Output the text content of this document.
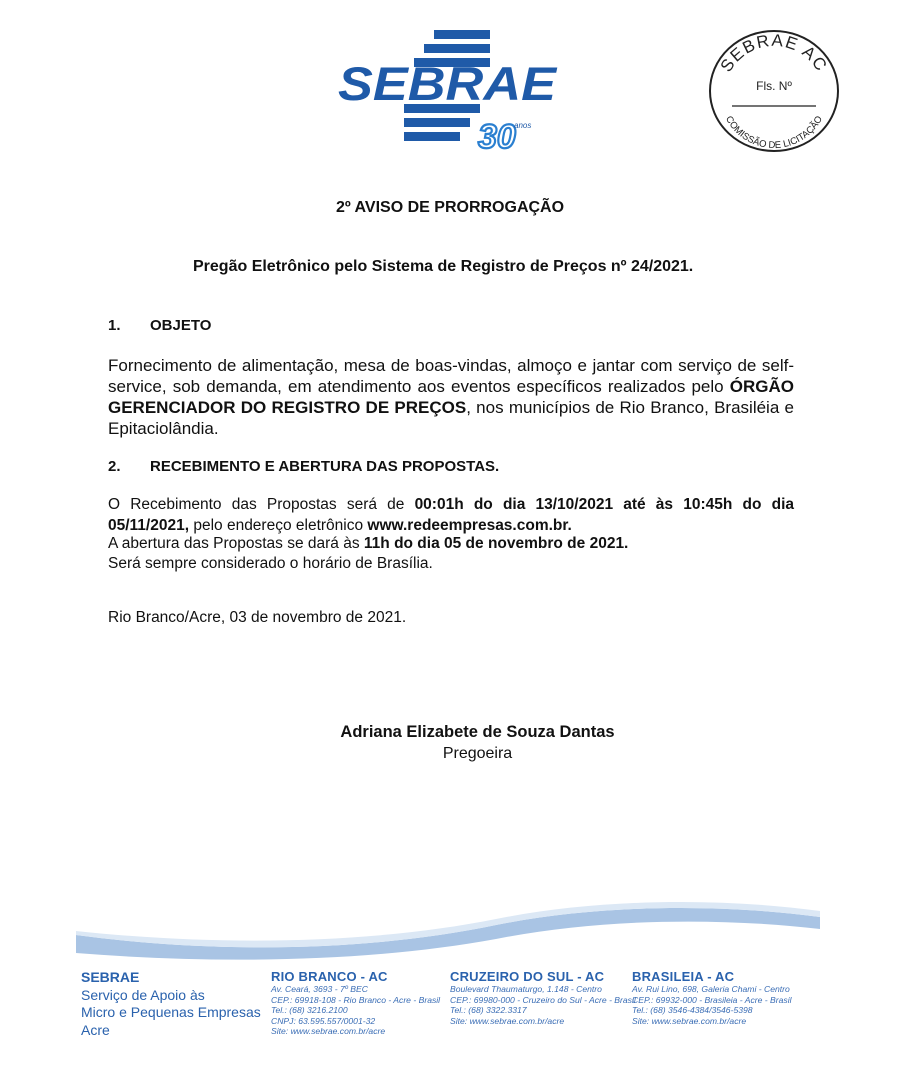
SEBRAE
30
anos
SEBRAE AC
Fls. Nº
COMISSÃO DE LICITAÇÃO
2º AVISO DE PRORROGAÇÃO
Pregão Eletrônico pelo Sistema de Registro de Preços nº 24/2021.
1. OBJETO
Fornecimento de alimentação, mesa de boas-vindas, almoço e jantar com serviço de self-service, sob demanda, em atendimento aos eventos específicos realizados pelo ÓRGÃO GERENCIADOR DO REGISTRO DE PREÇOS, nos municípios de Rio Branco, Brasiléia e Epitaciolândia.
2. RECEBIMENTO E ABERTURA DAS PROPOSTAS.
O Recebimento das Propostas será de 00:01h do dia 13/10/2021 até às 10:45h do dia 05/11/2021, pelo endereço eletrônico www.redeempresas.com.br.
A abertura das Propostas se dará às 11h do dia 05 de novembro de 2021.
Será sempre considerado o horário de Brasília.
Rio Branco/Acre, 03 de novembro de 2021.
Adriana Elizabete de Souza Dantas
Pregoeira
SEBRAE
Serviço de Apoio às
Micro e Pequenas Empresas
Acre
RIO BRANCO - AC
Av. Ceará, 3693 - 7º BEC
CEP.: 69918-108 - Rio Branco - Acre - Brasil
Tel.: (68) 3216.2100
CNPJ: 63.595.557/0001-32
Site: www.sebrae.com.br/acre
CRUZEIRO DO SUL - AC
Boulevard Thaumaturgo, 1.148 - Centro
CEP.: 69980-000 - Cruzeiro do Sul - Acre - Brasil
Tel.: (68) 3322.3317
Site: www.sebrae.com.br/acre
BRASILEIA - AC
Av. Rui Lino, 698, Galeria Chami - Centro
CEP.: 69932-000 - Brasileia - Acre - Brasil
Tel.: (68) 3546-4384/3546-5398
Site: www.sebrae.com.br/acre
